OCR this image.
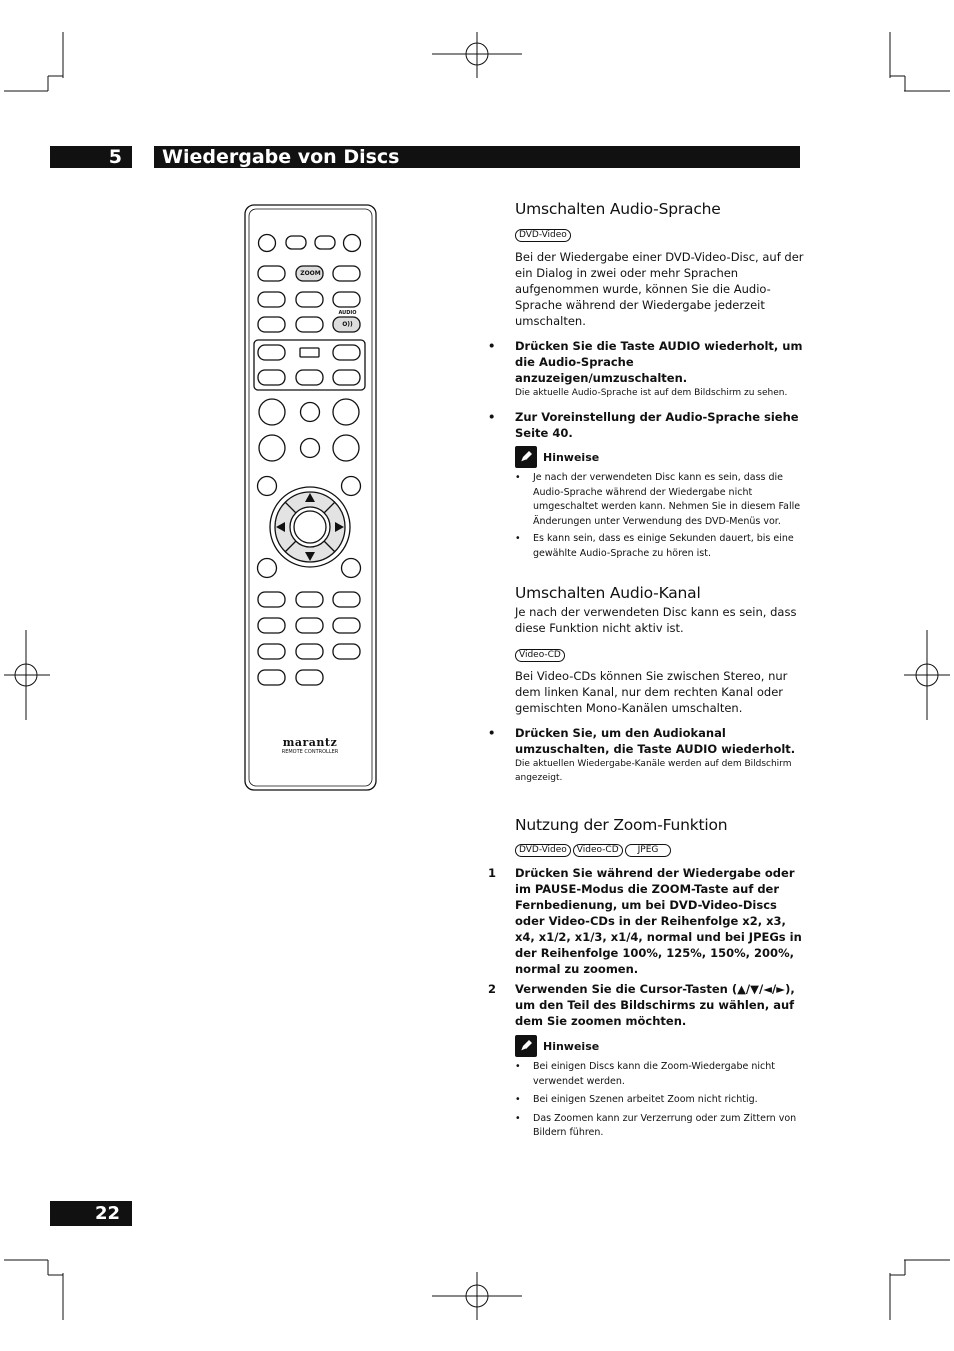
5	Wiedergabe von Discs
ZOOM
AUDIO
O))
marantz
REMOTE CONTROLLER
Umschalten Audio-Sprache
DVD-Video

Bei der Wiedergabe einer DVD-Video-Disc, auf der ein Dialog in zwei oder mehr Sprachen aufgenommen wurde, können Sie die Audio-Sprache während der Wiedergabe jederzeit umschalten.

• Drücken Sie die Taste AUDIO wiederholt, um die Audio-Sprache anzuzeigen/umzuschalten.
Die aktuelle Audio-Sprache ist auf dem Bildschirm zu sehen.
• Zur Voreinstellung der Audio-Sprache siehe Seite 40.
Hinweise
• Je nach der verwendeten Disc kann es sein, dass die Audio-Sprache während der Wiedergabe nicht umgeschaltet werden kann. Nehmen Sie in diesem Falle Änderungen unter Verwendung des DVD-Menüs vor.
• Es kann sein, dass es einige Sekunden dauert, bis eine gewählte Audio-Sprache zu hören ist.
Umschalten Audio-Kanal

Je nach der verwendeten Disc kann es sein, dass diese Funktion nicht aktiv ist.

Video-CD

Bei Video-CDs können Sie zwischen Stereo, nur dem linken Kanal, nur dem rechten Kanal oder gemischten Mono-Kanälen umschalten.

• Drücken Sie, um den Audiokanal umzuschalten, die Taste AUDIO wiederholt.
Die aktuellen Wiedergabe-Kanäle werden auf dem Bildschirm angezeigt.
Nutzung der Zoom-Funktion
DVD-Video Video-CD JPEG
1 Drücken Sie während der Wiedergabe oder im PAUSE-Modus die ZOOM-Taste auf der Fernbedienung, um bei DVD-Video-Discs oder Video-CDs in der Reihenfolge x2, x3, x4, x1/2, x1/3, x1/4, normal und bei JPEGs in der Reihenfolge 100%, 125%, 150%, 200%, normal zu zoomen.
2 Verwenden Sie die Cursor-Tasten (▲/▼/◄/►), um den Teil des Bildschirms zu wählen, auf dem Sie zoomen möchten.
Hinweise
• Bei einigen Discs kann die Zoom-Wiedergabe nicht verwendet werden.
• Bei einigen Szenen arbeitet Zoom nicht richtig.
• Das Zoomen kann zur Verzerrung oder zum Zittern von Bildern führen.
22
